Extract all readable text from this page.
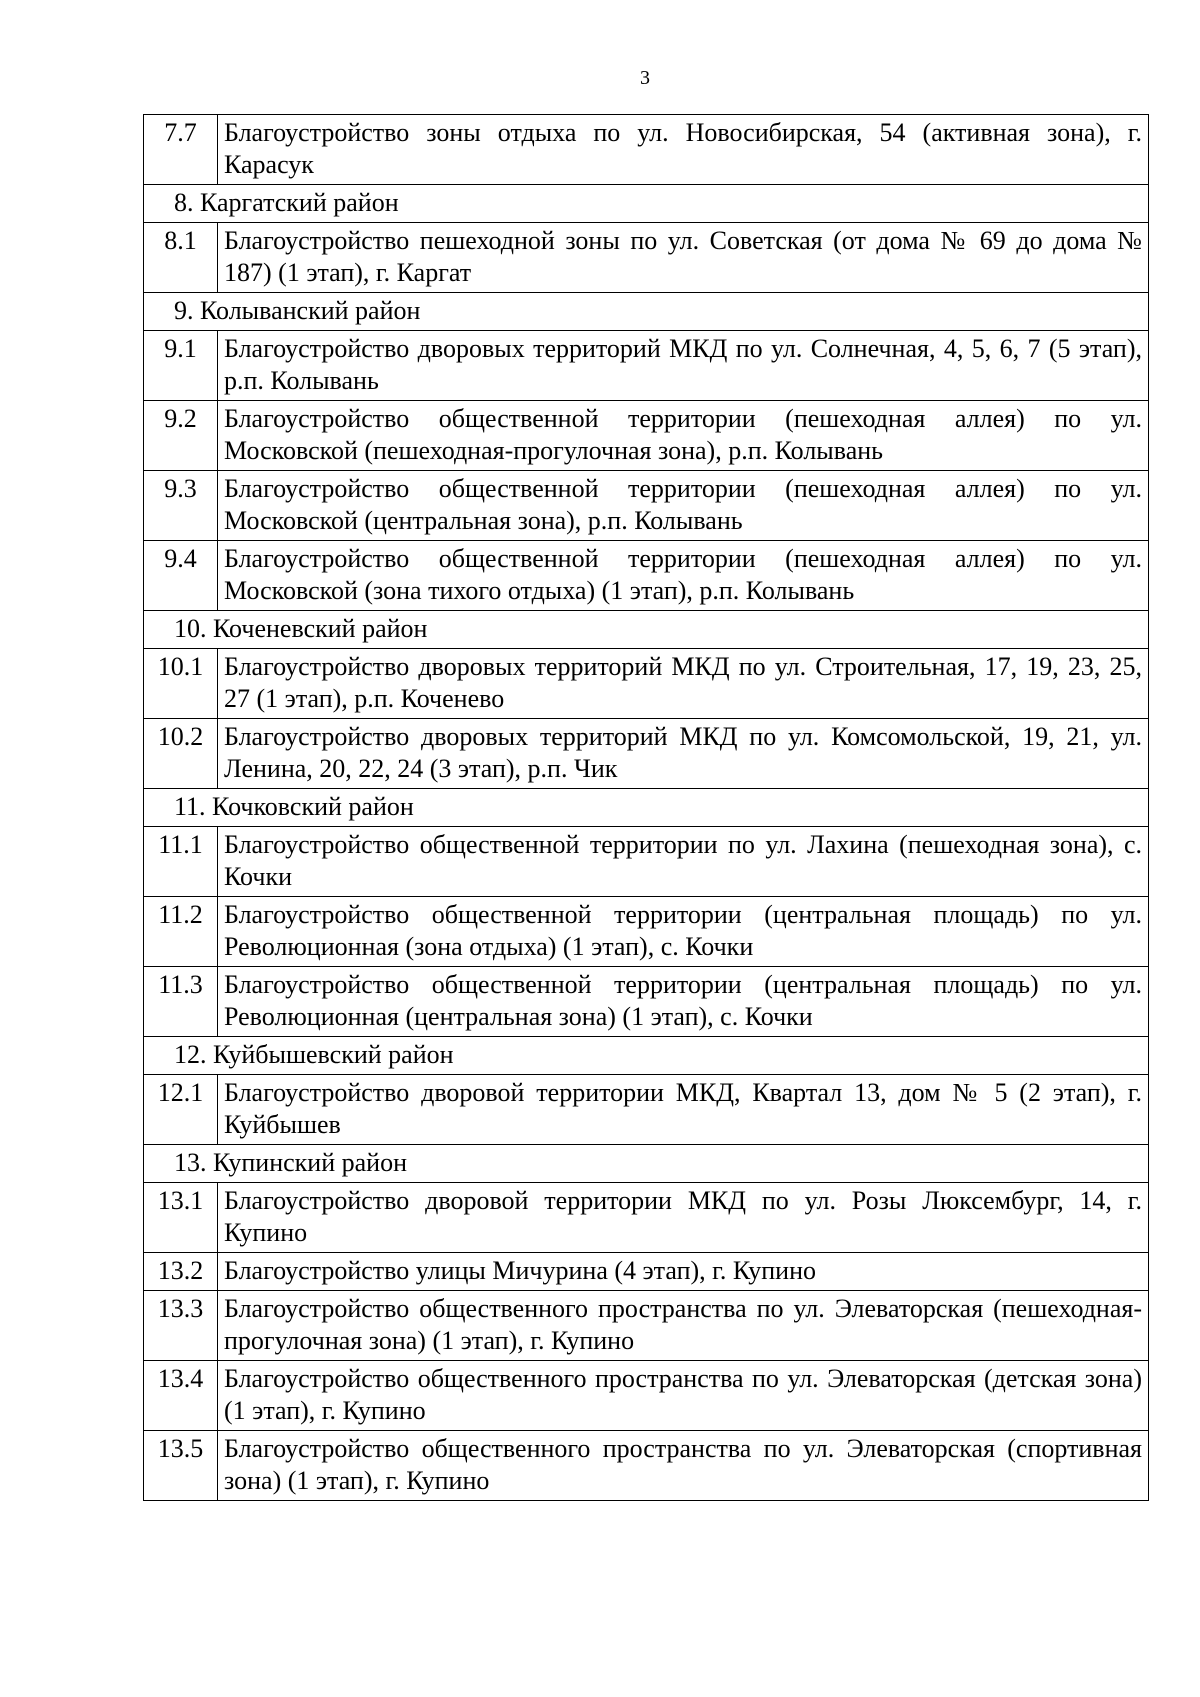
3
7.7	Благоустройство зоны отдыха по ул. Новосибирская, 54 (активная зона), г. Карасук
8. Каргатский район	
8.1	Благоустройство пешеходной зоны по ул. Советская (от дома № 69 до дома № 187) (1 этап), г. Каргат
9. Колыванский район	
9.1	Благоустройство дворовых территорий МКД по ул. Солнечная, 4, 5, 6, 7 (5 этап), р.п. Колывань
9.2	Благоустройство общественной территории (пешеходная аллея) по ул. Московской (пешеходная-прогулочная зона), р.п. Колывань
9.3	Благоустройство общественной территории (пешеходная аллея) по ул. Московской (центральная зона), р.п. Колывань
9.4	Благоустройство общественной территории (пешеходная аллея) по ул. Московской (зона тихого отдыха) (1 этап), р.п. Колывань
10. Коченевский район	
10.1	Благоустройство дворовых территорий МКД по ул. Строительная, 17, 19, 23, 25, 27 (1 этап), р.п. Коченево
10.2	Благоустройство дворовых территорий МКД по ул. Комсомольской, 19, 21, ул. Ленина, 20, 22, 24 (3 этап), р.п. Чик
11. Кочковский район	
11.1	Благоустройство общественной территории по ул. Лахина (пешеходная зона), с. Кочки
11.2	Благоустройство общественной территории (центральная площадь) по ул. Революционная (зона отдыха) (1 этап), с. Кочки
11.3	Благоустройство общественной территории (центральная площадь) по ул. Революционная (центральная зона) (1 этап), с. Кочки
12. Куйбышевский район	
12.1	Благоустройство дворовой территории МКД, Квартал 13, дом № 5 (2 этап), г. Куйбышев
13. Купинский район	
13.1	Благоустройство дворовой территории МКД по ул. Розы Люксембург, 14, г. Купино
13.2	Благоустройство улицы Мичурина (4 этап), г. Купино
13.3	Благоустройство общественного пространства по ул. Элеваторская (пешеходная-прогулочная зона) (1 этап), г. Купино
13.4	Благоустройство общественного пространства по ул. Элеваторская (детская зона) (1 этап), г. Купино
13.5	Благоустройство общественного пространства по ул. Элеваторская (спортивная зона) (1 этап), г. Купино
